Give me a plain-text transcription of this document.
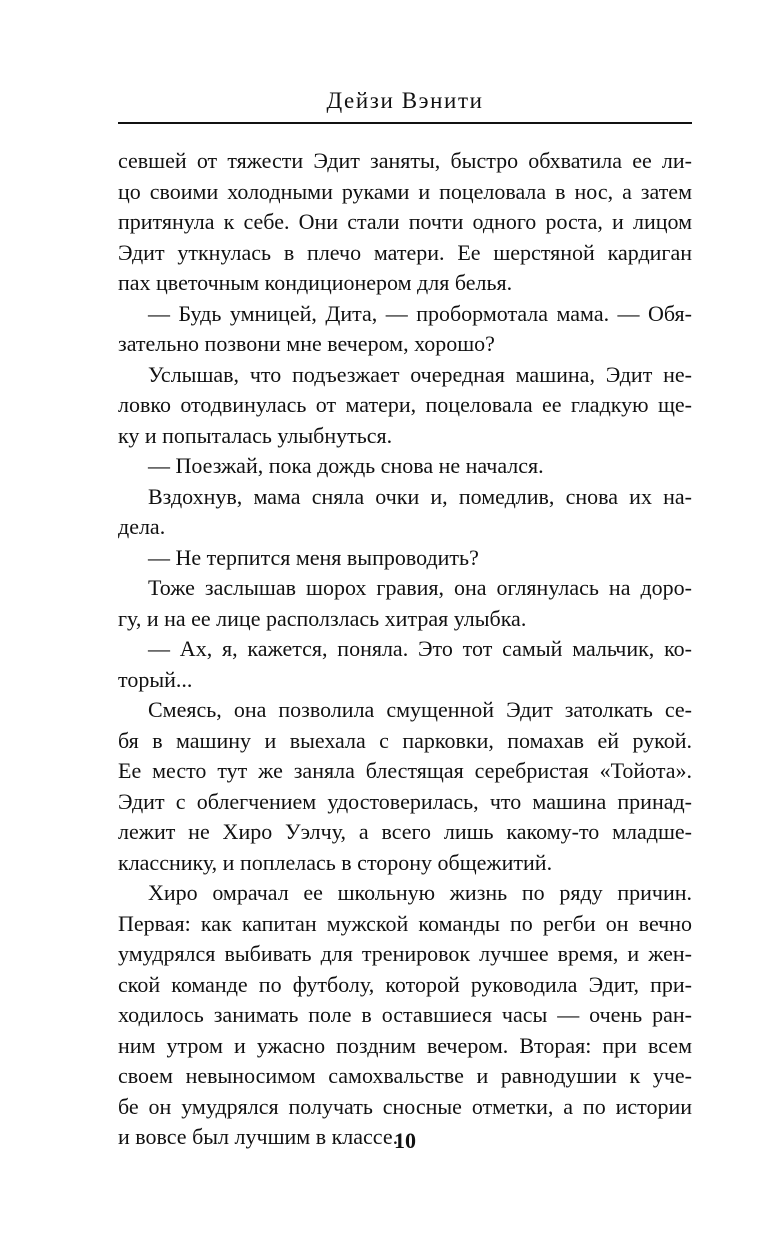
Дейзи Вэнити
севшей от тяжести Эдит заняты, быстро обхватила ее ли-
цо своими холодными руками и поцеловала в нос, а затем
притянула к себе. Они стали почти одного роста, и лицом
Эдит уткнулась в плечо матери. Ее шерстяной кардиган
пах цветочным кондиционером для белья.
— Будь умницей, Дита, — пробормотала мама. — Обя-
зательно позвони мне вечером, хорошо?
Услышав, что подъезжает очередная машина, Эдит не-
ловко отодвинулась от матери, поцеловала ее гладкую ще-
ку и попыталась улыбнуться.
— Поезжай, пока дождь снова не начался.
Вздохнув, мама сняла очки и, помедлив, снова их на-
дела.
— Не терпится меня выпроводить?
Тоже заслышав шорох гравия, она оглянулась на доро-
гу, и на ее лице расползлась хитрая улыбка.
— Ах, я, кажется, поняла. Это тот самый мальчик, ко-
торый...
Смеясь, она позволила смущенной Эдит затолкать се-
бя в машину и выехала с парковки, помахав ей рукой.
Ее место тут же заняла блестящая серебристая «Тойота».
Эдит с облегчением удостоверилась, что машина принад-
лежит не Хиро Уэлчу, а всего лишь какому-то младше-
класснику, и поплелась в сторону общежитий.
Хиро омрачал ее школьную жизнь по ряду причин.
Первая: как капитан мужской команды по регби он вечно
умудрялся выбивать для тренировок лучшее время, и жен-
ской команде по футболу, которой руководила Эдит, при-
ходилось занимать поле в оставшиеся часы — очень ран-
ним утром и ужасно поздним вечером. Вторая: при всем
своем невыносимом самохвальстве и равнодушии к уче-
бе он умудрялся получать сносные отметки, а по истории
и вовсе был лучшим в классе.
10
